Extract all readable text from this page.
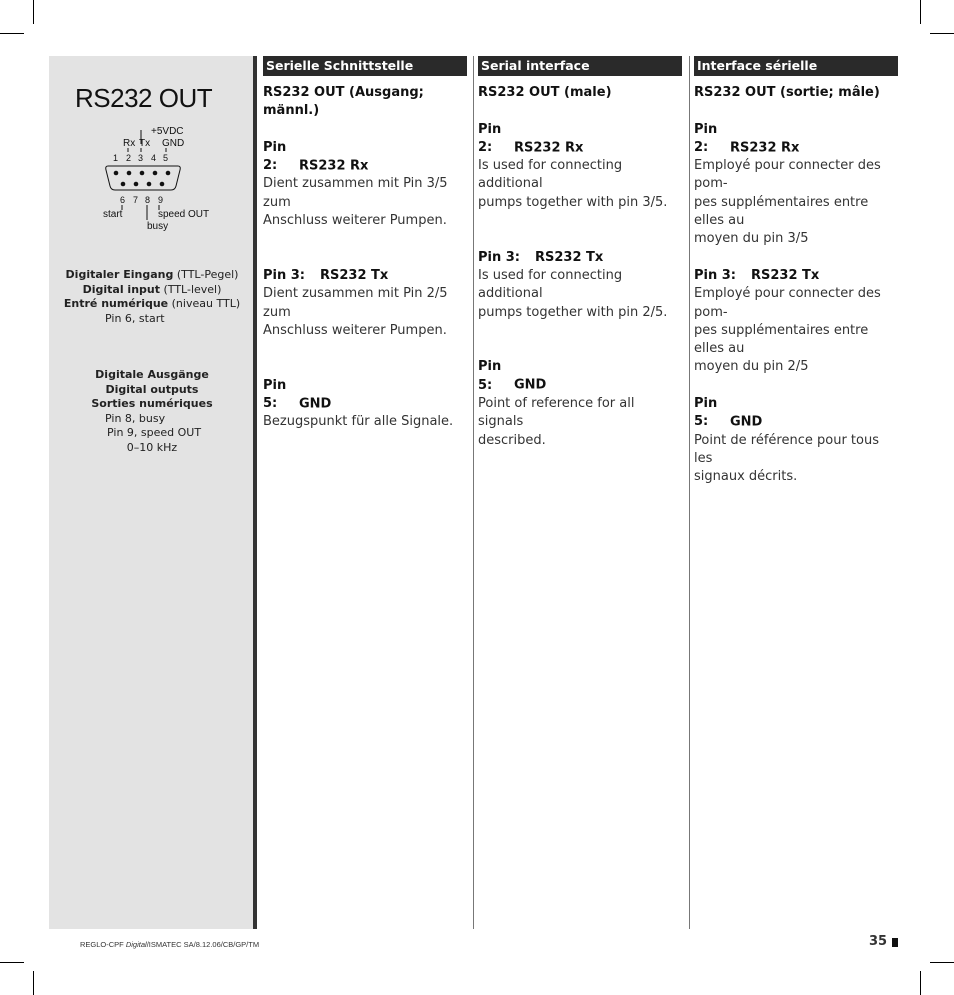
RS232 OUT
+5VDC
Rx Tx GND
1 2 3 4 5
6 7 8 9
start	speed OUT
busy
Digitaler Eingang (TTL-Pegel)
Digital input (TTL-level)
Entré numérique (niveau TTL)
Pin 6, start
Digitale Ausgänge
Digital outputs
Sorties numériques
Pin 8, busy
Pin 9, speed OUT
0–10 kHz
Serielle Schnittstelle
RS232 OUT (Ausgang; männl.)
Pin 2: RS232 Rx
Dient zusammen mit Pin 3/5 zum
Anschluss weiterer Pumpen.
Pin 3: RS232 Tx
Dient zusammen mit Pin 2/5 zum
Anschluss weiterer Pumpen.
Pin 5: GND
Bezugspunkt für alle Signale.
Serial interface
RS232 OUT (male)
Pin 2: RS232 Rx
Is used for connecting additional
pumps together with pin 3/5.
Pin 3: RS232 Tx
Is used for connecting additional
pumps together with pin 2/5.
Pin 5: GND
Point of reference for all signals
described.
Interface sérielle
RS232 OUT (sortie; mâle)
Pin 2: RS232 Rx
Employé pour connecter des pom-
pes supplémentaires entre elles au
moyen du pin 3/5
Pin 3: RS232 Tx
Employé pour connecter des pom-
pes supplémentaires entre elles au
moyen du pin 2/5
Pin 5: GND
Point de référence pour tous les
signaux décrits.
REGLO-CPF Digital/ISMATEC SA/8.12.06/CB/GP/TM	35
